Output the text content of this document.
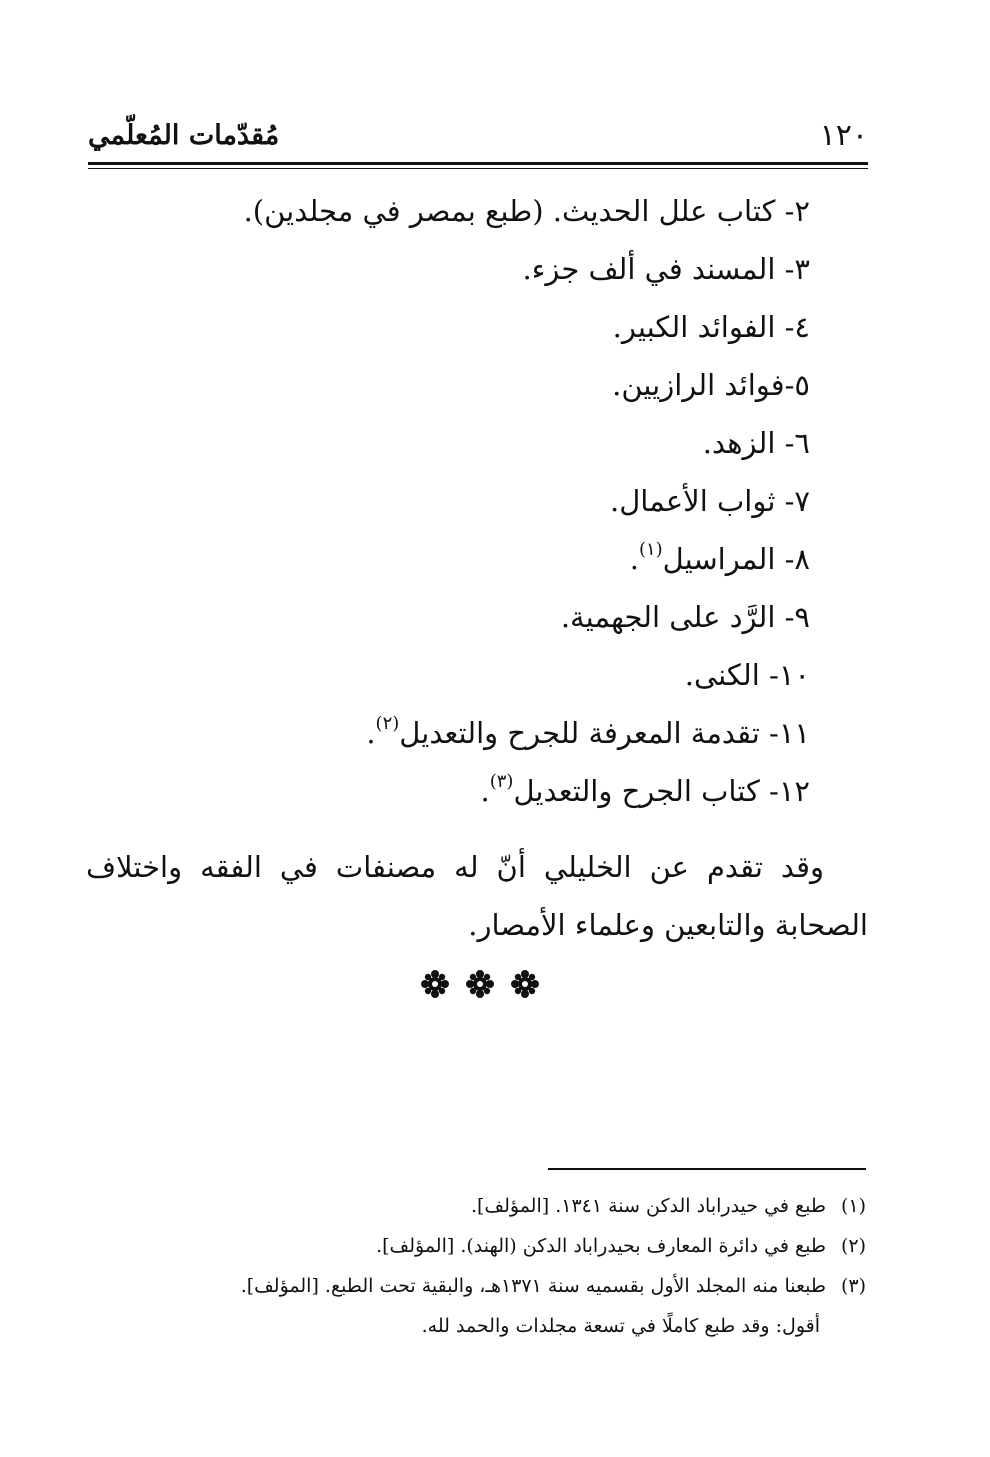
مُقدّمات المُعلّمي	١٢٠
٢- كتاب علل الحديث. (طبع بمصر في مجلدين).
٣- المسند في ألف جزء.
٤- الفوائد الكبير.
٥-فوائد الرازيين.
٦- الزهد.
٧- ثواب الأعمال.
٨- المراسيل$^{(١)}$.
٩- الرَّد على الجهمية.
١٠- الكنى.
١١- تقدمة المعرفة للجرح والتعديل$^{(٢)}$.
١٢- كتاب الجرح والتعديل$^{(٣)}$.

وقد تقدم عن الخليلي أنّ له مصنفات في الفقه واختلاف الصحابة والتابعين وعلماء الأمصار.

(١)طبع في حيدراباد الدكن سنة ١٣٤١. [المؤلف].
(٢)طبع في دائرة المعارف بحيدراباد الدكن (الهند). [المؤلف].
(٣)طبعنا منه المجلد الأول بقسميه سنة ١٣٧١هـ، والبقية تحت الطبع. [المؤلف].
أقول: وقد طبع كاملًا في تسعة مجلدات والحمد لله.
